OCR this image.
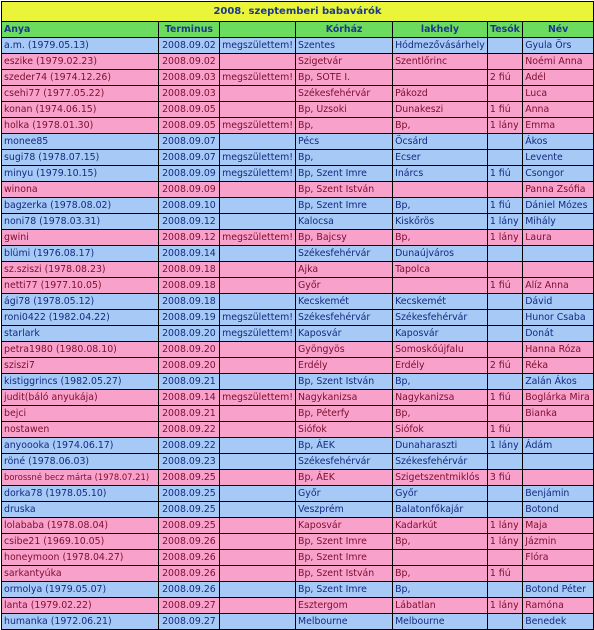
2008. szeptemberi babavárók						
Anya	Terminus		Kórház	lakhely	Tesók	Név
a.m. (1979.05.13)	2008.09.02	megszülettem!	Szentes	Hódmezővásárhely		Gyula Örs
eszike (1979.02.23)	2008.09.02		Szigetvár	Szentlőrinc		Noémi Anna
szeder74 (1974.12.26)	2008.09.03	megszülettem!	Bp, SOTE I.		2 fiú	Adél
csehi77 (1977.05.22)	2008.09.03		Székesfehérvár	Pákozd		Luca
konan (1974.06.15)	2008.09.05		Bp, Uzsoki	Dunakeszi	1 fiú	Anna
holka (1978.01.30)	2008.09.05	megszülettem!	Bp,	Bp,	1 lány	Emma
monee85	2008.09.07		Pécs	Öcsárd		Ákos
sugi78 (1978.07.15)	2008.09.07	megszülettem!	Bp,	Ecser		Levente
minyu (1979.10.15)	2008.09.09	megszülettem!	Bp, Szent Imre	Inárcs	1 fiú	Csongor
winona	2008.09.09		Bp, Szent István			Panna Zsófia
bagzerka (1978.08.02)	2008.09.10		Bp, Szent Imre	Bp,	1 fiú	Dániel Mózes
noni78 (1978.03.31)	2008.09.12		Kalocsa	Kiskőrös	1 lány	Mihály
gwini	2008.09.12	megszülettem!	Bp, Bajcsy	Bp,	1 lány	Laura
blümi (1976.08.17)	2008.09.14		Székesfehérvár	Dunaújváros		
sz.sziszi (1978.08.23)	2008.09.18		Ajka	Tapolca		
netti77 (1977.10.05)	2008.09.18		Győr		1 fiú	Alíz Anna
ági78 (1978.05.12)	2008.09.18		Kecskemét	Kecskemét		Dávid
roni0422 (1982.04.22)	2008.09.19	megszülettem!	Székesfehérvár	Székesfehérvár		Hunor Csaba
starlark	2008.09.20	megszülettem!	Kaposvár	Kaposvár		Donát
petra1980 (1980.08.10)	2008.09.20		Gyöngyös	Somoskőújfalu		Hanna Róza
sziszi7	2008.09.20		Erdély	Erdély	2 fiú	Réka
kistiggrincs (1982.05.27)	2008.09.21		Bp, Szent István	Bp,		Zalán Ákos
judit(báló anyukája)	2008.09.14	megszülettem!	Nagykanizsa	Nagykanizsa	1 fiú	Boglárka Mira
bejci	2008.09.21		Bp, Péterfy	Bp,		Bianka
nostawen	2008.09.22		Siófok	Siófok	1 fiú	
anyoooka (1974.06.17)	2008.09.22		Bp, ÁEK	Dunaharaszti	1 lány	Ádám
röné (1978.06.03)	2008.09.23		Székesfehérvár	Székesfehérvár		
borossné becz márta (1978.07.21)	2008.09.25		Bp, ÁEK	Szigetszentmiklós	3 fiú	
dorka78 (1978.05.10)	2008.09.25		Győr	Győr		Benjámin
druska	2008.09.25		Veszprém	Balatonfőkajár		Botond
lolababa (1978.08.04)	2008.09.25		Kaposvár	Kadarkút	1 lány	Maja
csibe21 (1969.10.05)	2008.09.26		Bp, Szent Imre	Bp,	1 lány	Jázmin
honeymoon (1978.04.27)	2008.09.26		Bp, Szent Imre			Flóra
sarkantyúka	2008.09.26		Bp, Szent István	Bp,	1 fiú	
ormolya (1979.05.07)	2008.09.26		Bp, Szent Imre	Bp,		Botond Péter
lanta (1979.02.22)	2008.09.27		Esztergom	Lábatlan	1 lány	Ramóna
humanka (1972.06.21)	2008.09.27		Melbourne	Melbourne		Benedek
